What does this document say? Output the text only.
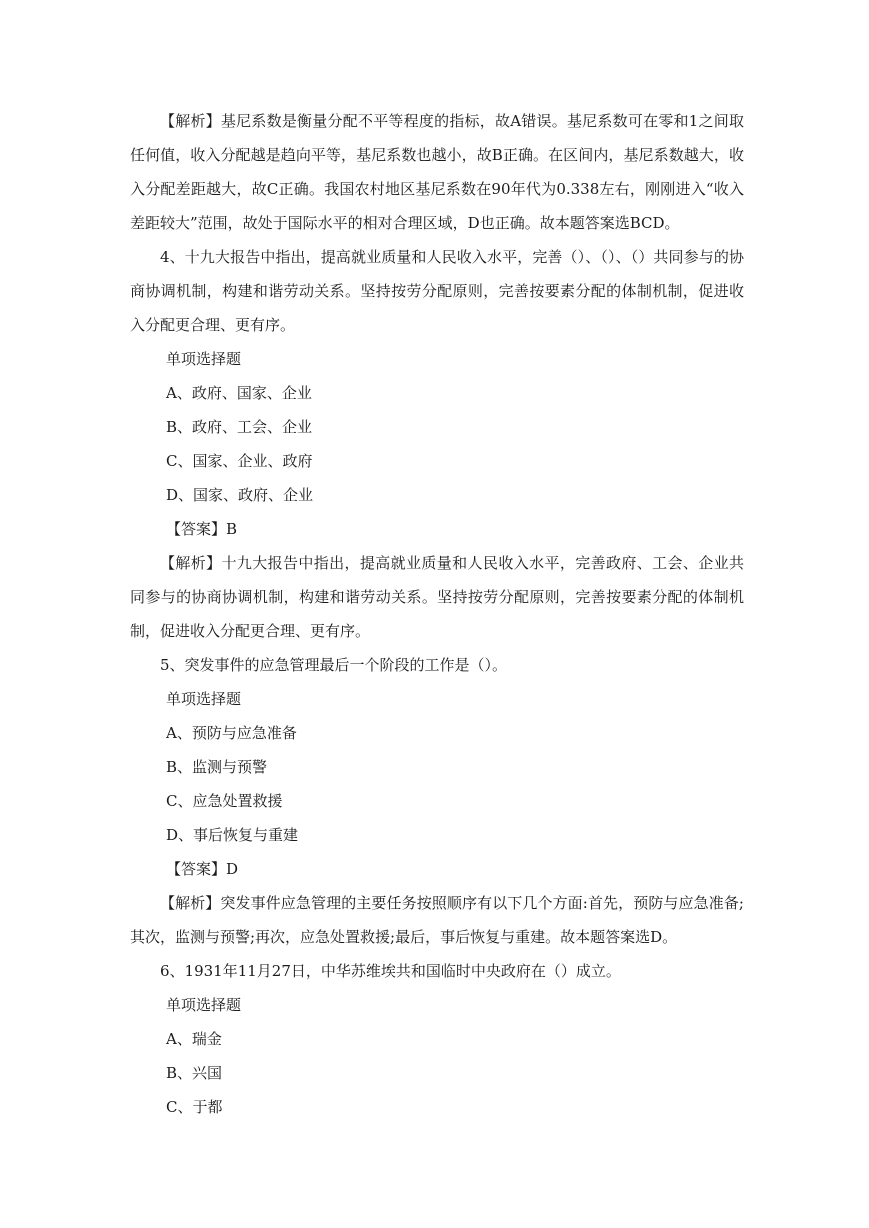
【解析】基尼系数是衡量分配不平等程度的指标，故A错误。基尼系数可在零和1之间取任何值，收入分配越是趋向平等，基尼系数也越小，故B正确。在区间内，基尼系数越大，收入分配差距越大，故C正确。我国农村地区基尼系数在90年代为0.338左右，刚刚进入“收入差距较大”范围，故处于国际水平的相对合理区域，D也正确。故本题答案选BCD。

4、十九大报告中指出，提高就业质量和人民收入水平，完善（）、（）、（）共同参与的协商协调机制，构建和谐劳动关系。坚持按劳分配原则，完善按要素分配的体制机制，促进收入分配更合理、更有序。

单项选择题

A、政府、国家、企业

B、政府、工会、企业

C、国家、企业、政府

D、国家、政府、企业

【答案】B

【解析】十九大报告中指出，提高就业质量和人民收入水平，完善政府、工会、企业共同参与的协商协调机制，构建和谐劳动关系。坚持按劳分配原则，完善按要素分配的体制机制，促进收入分配更合理、更有序。

5、突发事件的应急管理最后一个阶段的工作是（）。

单项选择题

A、预防与应急准备

B、监测与预警

C、应急处置救援

D、事后恢复与重建

【答案】D

【解析】突发事件应急管理的主要任务按照顺序有以下几个方面:首先，预防与应急准备;其次，监测与预警;再次，应急处置救援;最后，事后恢复与重建。故本题答案选D。

6、1931年11月27日，中华苏维埃共和国临时中央政府在（）成立。

单项选择题

A、瑞金

B、兴国

C、于都
